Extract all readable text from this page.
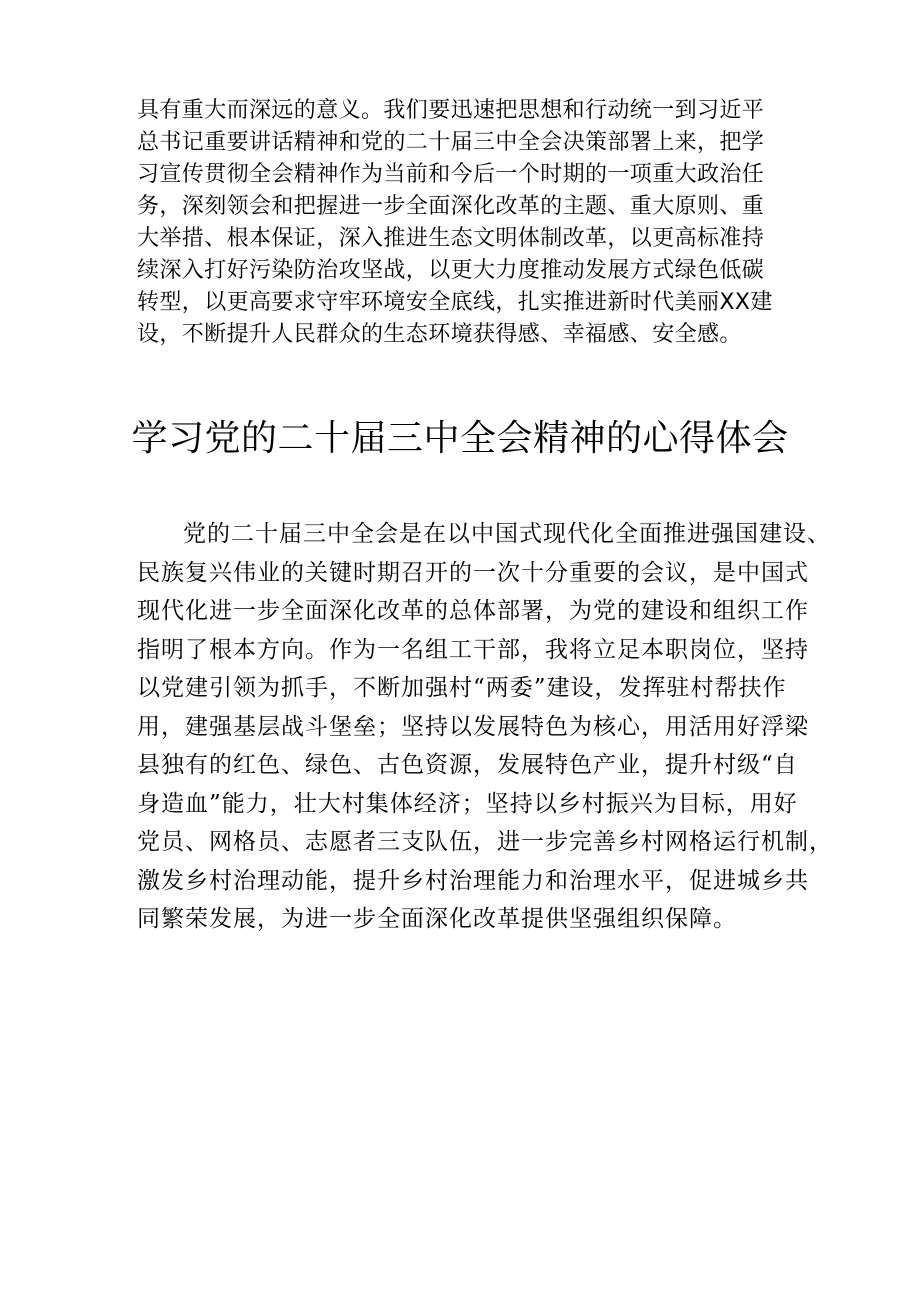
具有重大而深远的意义。我们要迅速把思想和行动统一到习近平
总书记重要讲话精神和党的二十届三中全会决策部署上来，把学
习宣传贯彻全会精神作为当前和今后一个时期的一项重大政治任
务，深刻领会和把握进一步全面深化改革的主题、重大原则、重
大举措、根本保证，深入推进生态文明体制改革，以更高标准持
续深入打好污染防治攻坚战，以更大力度推动发展方式绿色低碳
转型，以更高要求守牢环境安全底线，扎实推进新时代美丽XX建
设，不断提升人民群众的生态环境获得感、幸福感、安全感。
学习党的二十届三中全会精神的心得体会
党的二十届三中全会是在以中国式现代化全面推进强国建设、
民族复兴伟业的关键时期召开的一次十分重要的会议，是中国式
现代化进一步全面深化改革的总体部署，为党的建设和组织工作
指明了根本方向。作为一名组工干部，我将立足本职岗位，坚持
以党建引领为抓手，不断加强村“两委”建设，发挥驻村帮扶作
用，建强基层战斗堡垒；坚持以发展特色为核心，用活用好浮梁
县独有的红色、绿色、古色资源，发展特色产业，提升村级“自
身造血”能力，壮大村集体经济；坚持以乡村振兴为目标，用好
党员、网格员、志愿者三支队伍，进一步完善乡村网格运行机制，
激发乡村治理动能，提升乡村治理能力和治理水平，促进城乡共
同繁荣发展，为进一步全面深化改革提供坚强组织保障。
